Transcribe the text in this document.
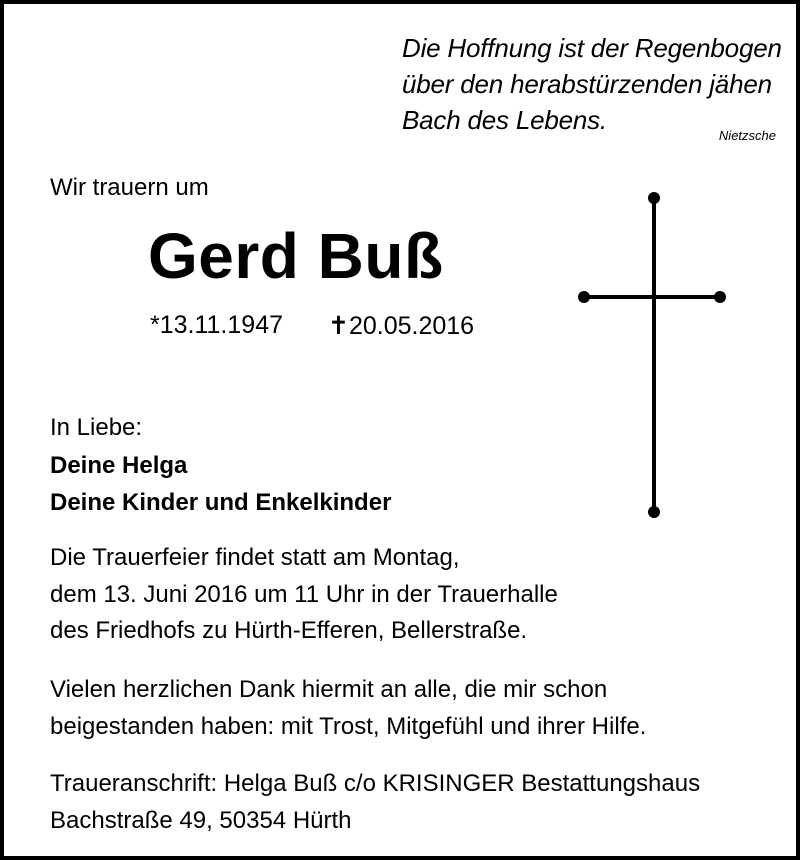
Die Hoffnung ist der Regenbogen
über den herabstürzenden jähen
Bach des Lebens.
Nietzsche
Wir trauern um
Gerd Buß
*13.11.1947 ✝20.05.2016
In Liebe:
Deine Helga
Deine Kinder und Enkelkinder
Die Trauerfeier findet statt am Montag,
dem 13. Juni 2016 um 11 Uhr in der Trauerhalle
des Friedhofs zu Hürth-Efferen, Bellerstraße.
Vielen herzlichen Dank hiermit an alle, die mir schon
beigestanden haben: mit Trost, Mitgefühl und ihrer Hilfe.
Traueranschrift: Helga Buß c/o KRISINGER Bestattungshaus
Bachstraße 49, 50354 Hürth
